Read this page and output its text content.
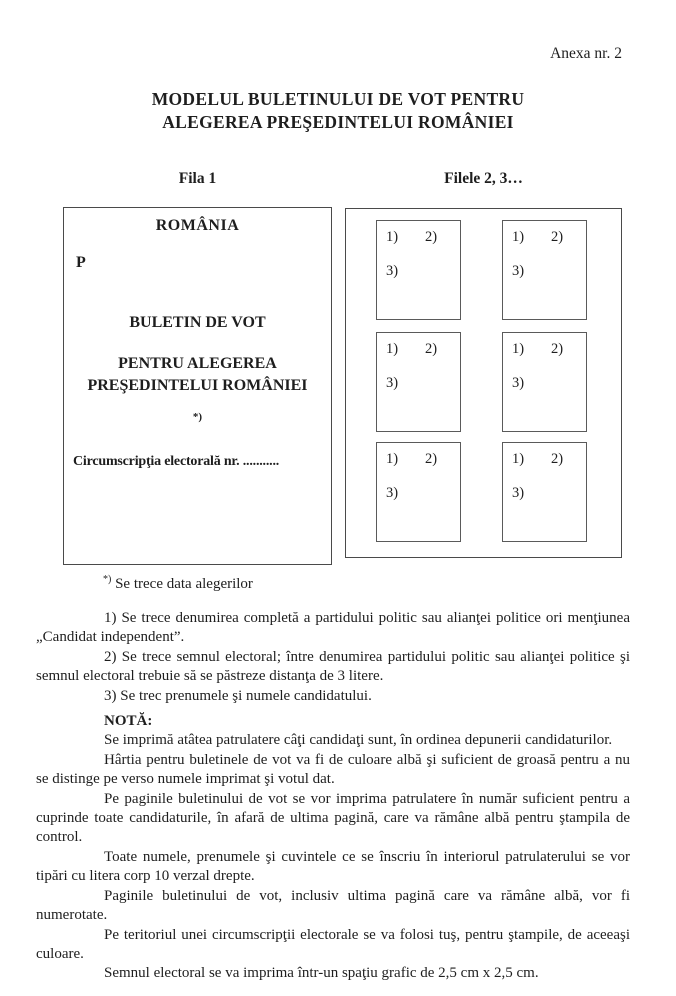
Anexa nr. 2
MODELUL BULETINULUI DE VOT PENTRU
ALEGEREA PREŞEDINTELUI ROMÂNIEI
Fila 1	Filele 2, 3…
ROMÂNIA
P
BULETIN DE VOT
PENTRU ALEGEREA
PREŞEDINTELUI ROMÂNIEI
*)
Circumscripţia electorală nr. ...........
1) 2)
3)
1) 2)
3)
1) 2)
3)
1) 2)
3)
1) 2)
3)
1) 2)
3)
*) Se trece data alegerilor

1) Se trece denumirea completă a partidului politic sau alianţei politice ori menţiunea „Candidat independent”.

2) Se trece semnul electoral; între denumirea partidului politic sau alianţei politice şi semnul electoral trebuie să se păstreze distanţa de 3 litere.

3) Se trec prenumele şi numele candidatului.

NOTĂ:

Se imprimă atâtea patrulatere câţi candidaţi sunt, în ordinea depunerii candidaturilor.

Hârtia pentru buletinele de vot va fi de culoare albă şi suficient de groasă pentru a nu se distinge pe verso numele imprimat şi votul dat.

Pe paginile buletinului de vot se vor imprima patrulatere în număr suficient pentru a cuprinde toate candidaturile, în afară de ultima pagină, care va rămâne albă pentru ştampila de control.

Toate numele, prenumele şi cuvintele ce se înscriu în interiorul patrulaterului se vor tipări cu litera corp 10 verzal drepte.

Paginile buletinului de vot, inclusiv ultima pagină care va rămâne albă, vor fi numerotate.

Pe teritoriul unei circumscripţii electorale se va folosi tuş, pentru ştampile, de aceeaşi culoare.

Semnul electoral se va imprima într-un spaţiu grafic de 2,5 cm x 2,5 cm.
